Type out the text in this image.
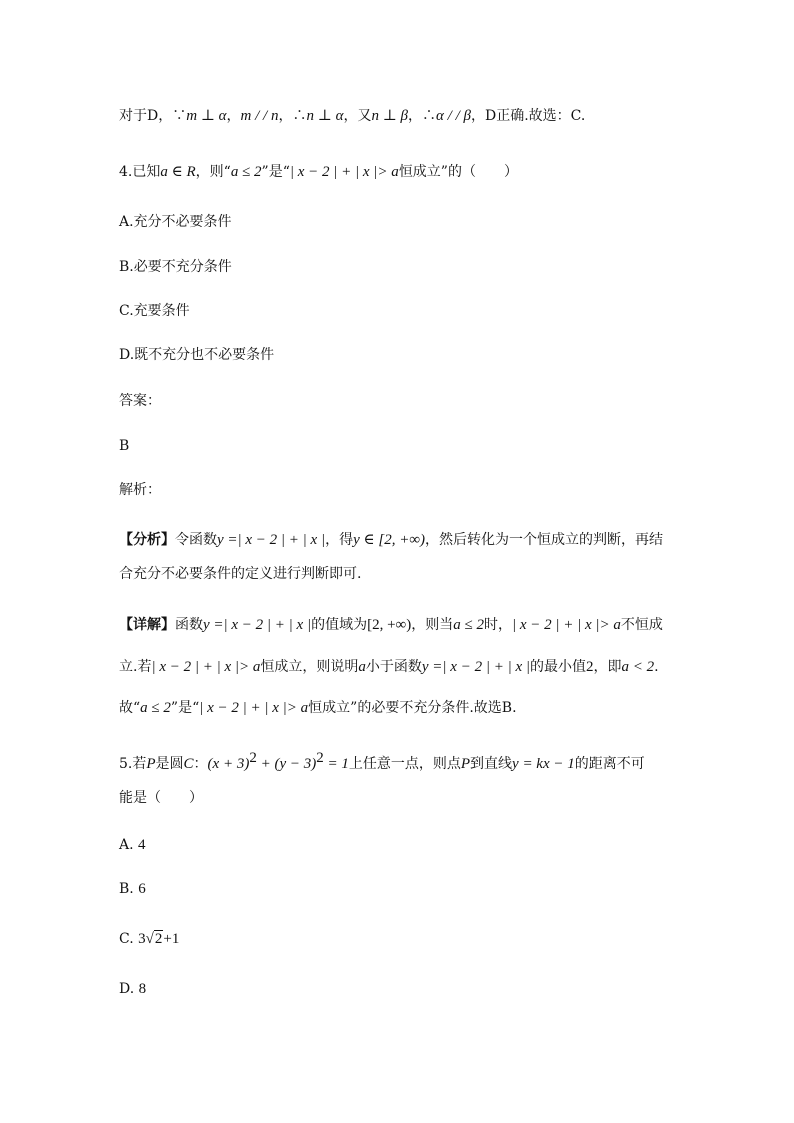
对于D，∵m ⊥ α，m / / n，∴n ⊥ α，又n ⊥ β，∴α / / β，D正确.故选：C.
4.已知a ∈ R，则“a ≤ 2”是“| x − 2 | + | x |> a恒成立”的（　　）
A.充分不必要条件
B.必要不充分条件
C.充要条件
D.既不充分也不必要条件
答案：
B
解析：
【分析】令函数y =| x − 2 | + | x |，得y ∈ [2, +∞)，然后转化为一个恒成立的判断，再结
合充分不必要条件的定义进行判断即可.
【详解】函数y =| x − 2 | + | x |的值域为[2, +∞)，则当a ≤ 2时，| x − 2 | + | x |> a不恒成
立.若| x − 2 | + | x |> a恒成立，则说明a小于函数y =| x − 2 | + | x |的最小值2，即a < 2.
故“a ≤ 2”是“| x − 2 | + | x |> a恒成立”的必要不充分条件.故选B.
5.若P是圆C：$(x + 3)^2 + (y - 3)^2 = 1$上任意一点，则点P到直线y = kx − 1的距离不可
能是（　　）
A. 4
B. 6
C. 3√2+1
D. 8
